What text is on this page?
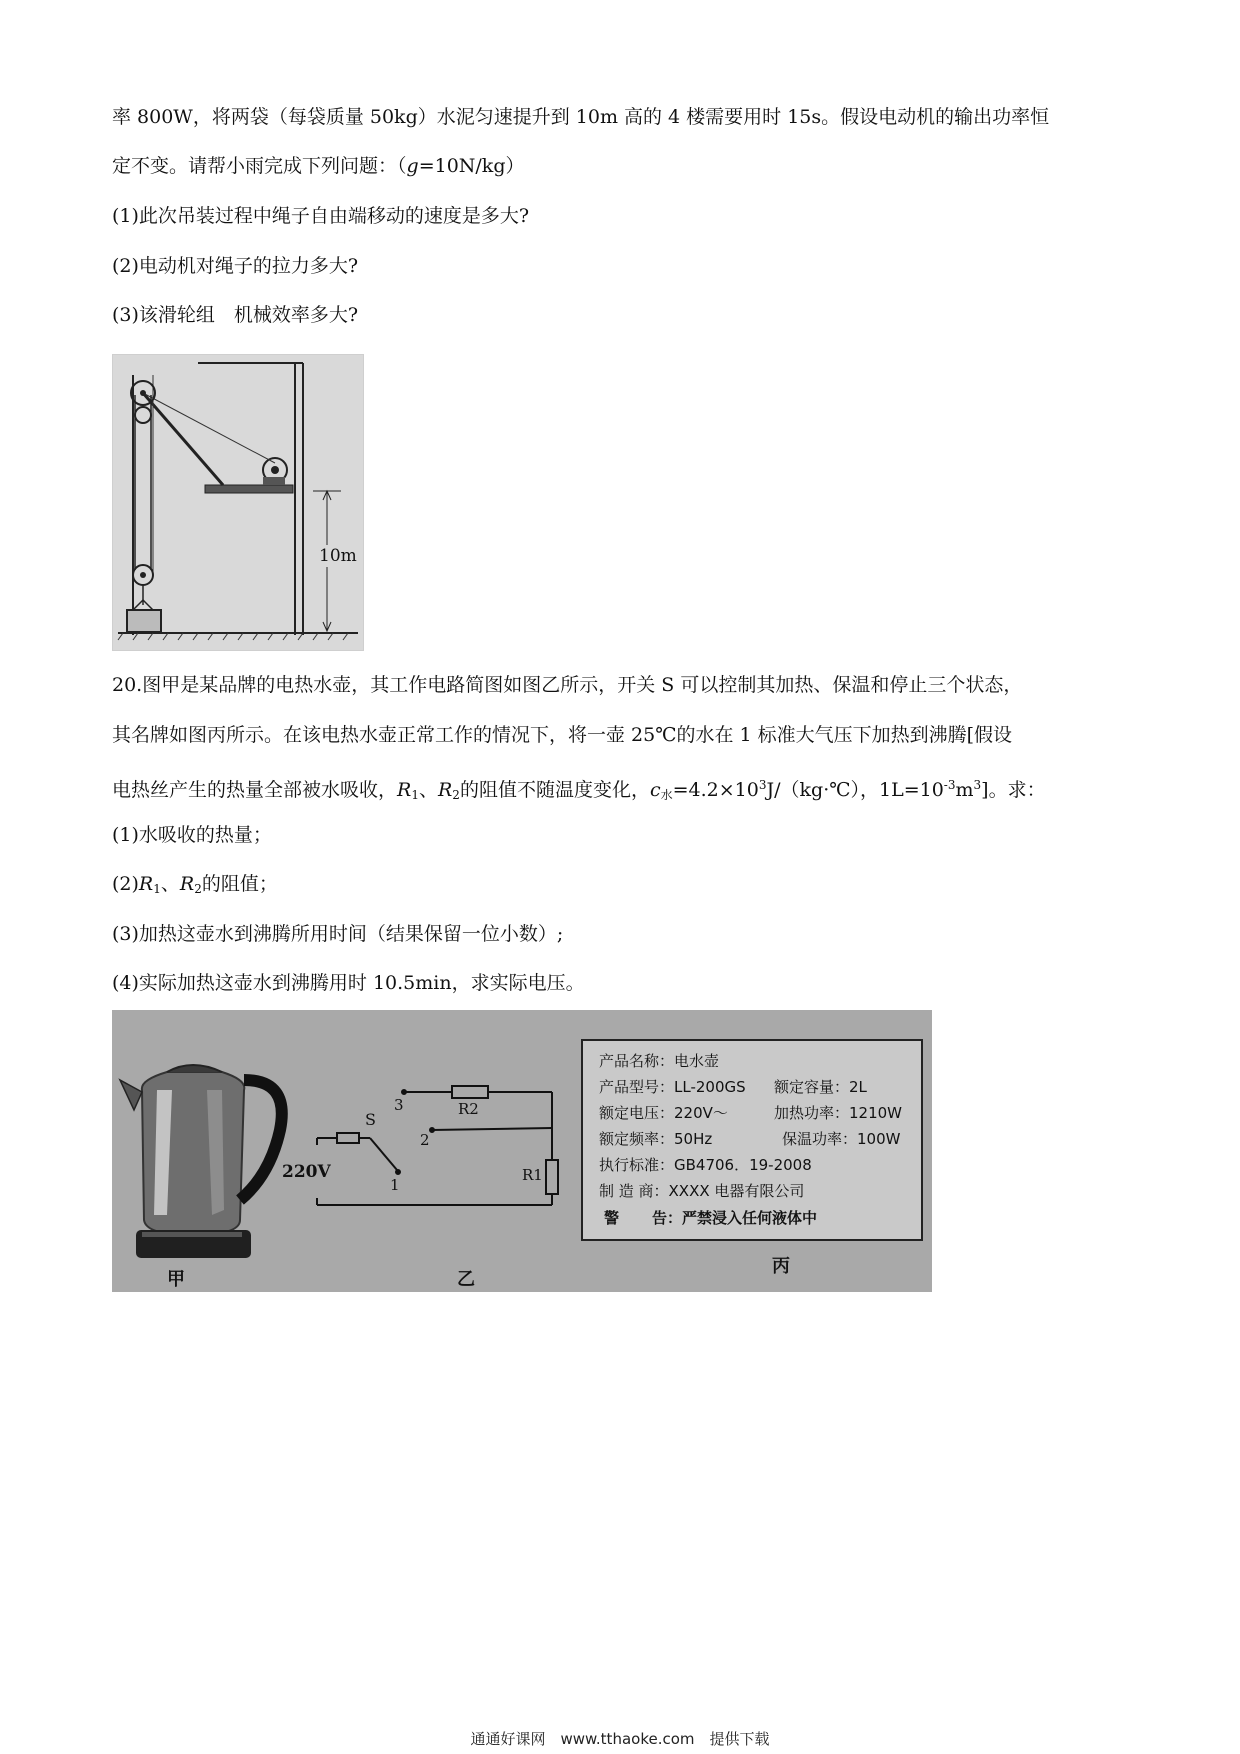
率 800W，将两袋（每袋质量 50kg）水泥匀速提升到 10m 高的 4 楼需要用时 15s。假设电动机的输出功率恒
定不变。请帮小雨完成下列问题：（g=10N/kg）
(1)此次吊装过程中绳子自由端移动的速度是多大?
(2)电动机对绳子的拉力多大?
(3)该滑轮组　机械效率多大?
10m
20.图甲是某品牌的电热水壶，其工作电路简图如图乙所示，开关 S 可以控制其加热、保温和停止三个状态，
其名牌如图丙所示。在该电热水壶正常工作的情况下，将一壶 25℃的水在 1 标准大气压下加热到沸腾[假设
电热丝产生的热量全部被水吸收，$R_1$、$R_2$的阻值不随温度变化，$c_水=4.2\times 10^3J/(kg\cdot℃)$，$1L=10^{-3}m^3$]。求：
(1)水吸收的热量；
$(2)R_1$、$R_2$的阻值；
(3)加热这壶水到沸腾所用时间（结果保留一位小数）;
(4)实际加热这壶水到沸腾用时 10.5min，求实际电压。
甲
220V
S
1
2
3	R2
R1
乙
产品名称：电水壶
产品型号：LL-200GS 额定容量：2L
额定电压：220V～	加热功率：1210W
额定频率：50Hz	保温功率：100W
执行标准：GB4706．19-2008
制 造 商：XXXX 电器有限公司
警 告：严禁浸入任何液体中
丙
通通好课网　www.tthaoke.com　提供下载
